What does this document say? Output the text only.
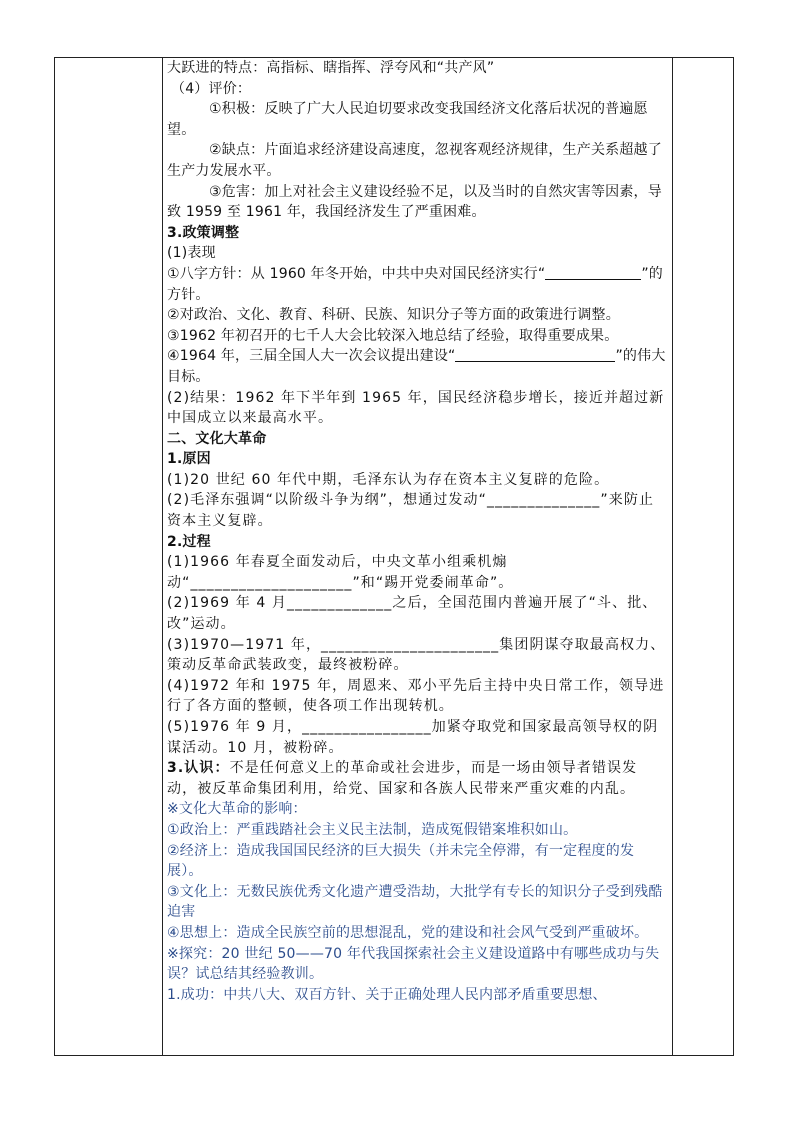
大跃进的特点：高指标、瞎指挥、浮夸风和“共产风”

（4）评价：

①积极：反映了广大人民迫切要求改变我国经济文化落后状况的普遍愿望。

②缺点：片面追求经济建设高速度，忽视客观经济规律，生产关系超越了生产力发展水平。

③危害：加上对社会主义建设经验不足，以及当时的自然灾害等因素，导致 1959 至 1961 年，我国经济发生了严重困难。

3.政策调整

(1)表现

①八字方针：从 1960 年冬开始，中共中央对国民经济实行“	”的方针。

②对政治、文化、教育、科研、民族、知识分子等方面的政策进行调整。③1962 年初召开的七千人大会比较深入地总结了经验，取得重要成果。④1964 年，三届全国人大一次会议提出建设“	”的伟大目标。

(2)结果：1962 年下半年到 1965 年，国民经济稳步增长，接近并超过新中国成立以来最高水平。

二、文化大革命

1.原因

(1)20 世纪 60 年代中期，毛泽东认为存在资本主义复辟的危险。

(2)毛泽东强调“以阶级斗争为纲”，想通过发动“______________”来防止资本主义复辟。

2.过程

(1)1966 年春夏全面发动后，中央文革小组乘机煽动“____________________”和“踢开党委闹革命”。

(2)1969 年 4 月_____________之后，全国范围内普遍开展了“斗、批、改”运动。

(3)1970—1971 年，______________________集团阴谋夺取最高权力、策动反革命武装政变，最终被粉碎。

(4)1972 年和 1975 年，周恩来、邓小平先后主持中央日常工作，领导进行了各方面的整顿，使各项工作出现转机。

(5)1976 年 9 月，________________加紧夺取党和国家最高领导权的阴谋活动。10 月，被粉碎。

3.认识：不是任何意义上的革命或社会进步，而是一场由领导者错误发动，被反革命集团利用，给党、国家和各族人民带来严重灾难的内乱。

※文化大革命的影响：

①政治上：严重践踏社会主义民主法制，造成冤假错案堆积如山。

②经济上：造成我国国民经济的巨大损失（并未完全停滞，有一定程度的发展）。

③文化上：无数民族优秀文化遗产遭受浩劫，大批学有专长的知识分子受到残酷迫害

④思想上：造成全民族空前的思想混乱，党的建设和社会风气受到严重破坏。

※探究：20 世纪 50——70 年代我国探索社会主义建设道路中有哪些成功与失误？试总结其经验教训。

1.成功：中共八大、双百方针、关于正确处理人民内部矛盾重要思想、
